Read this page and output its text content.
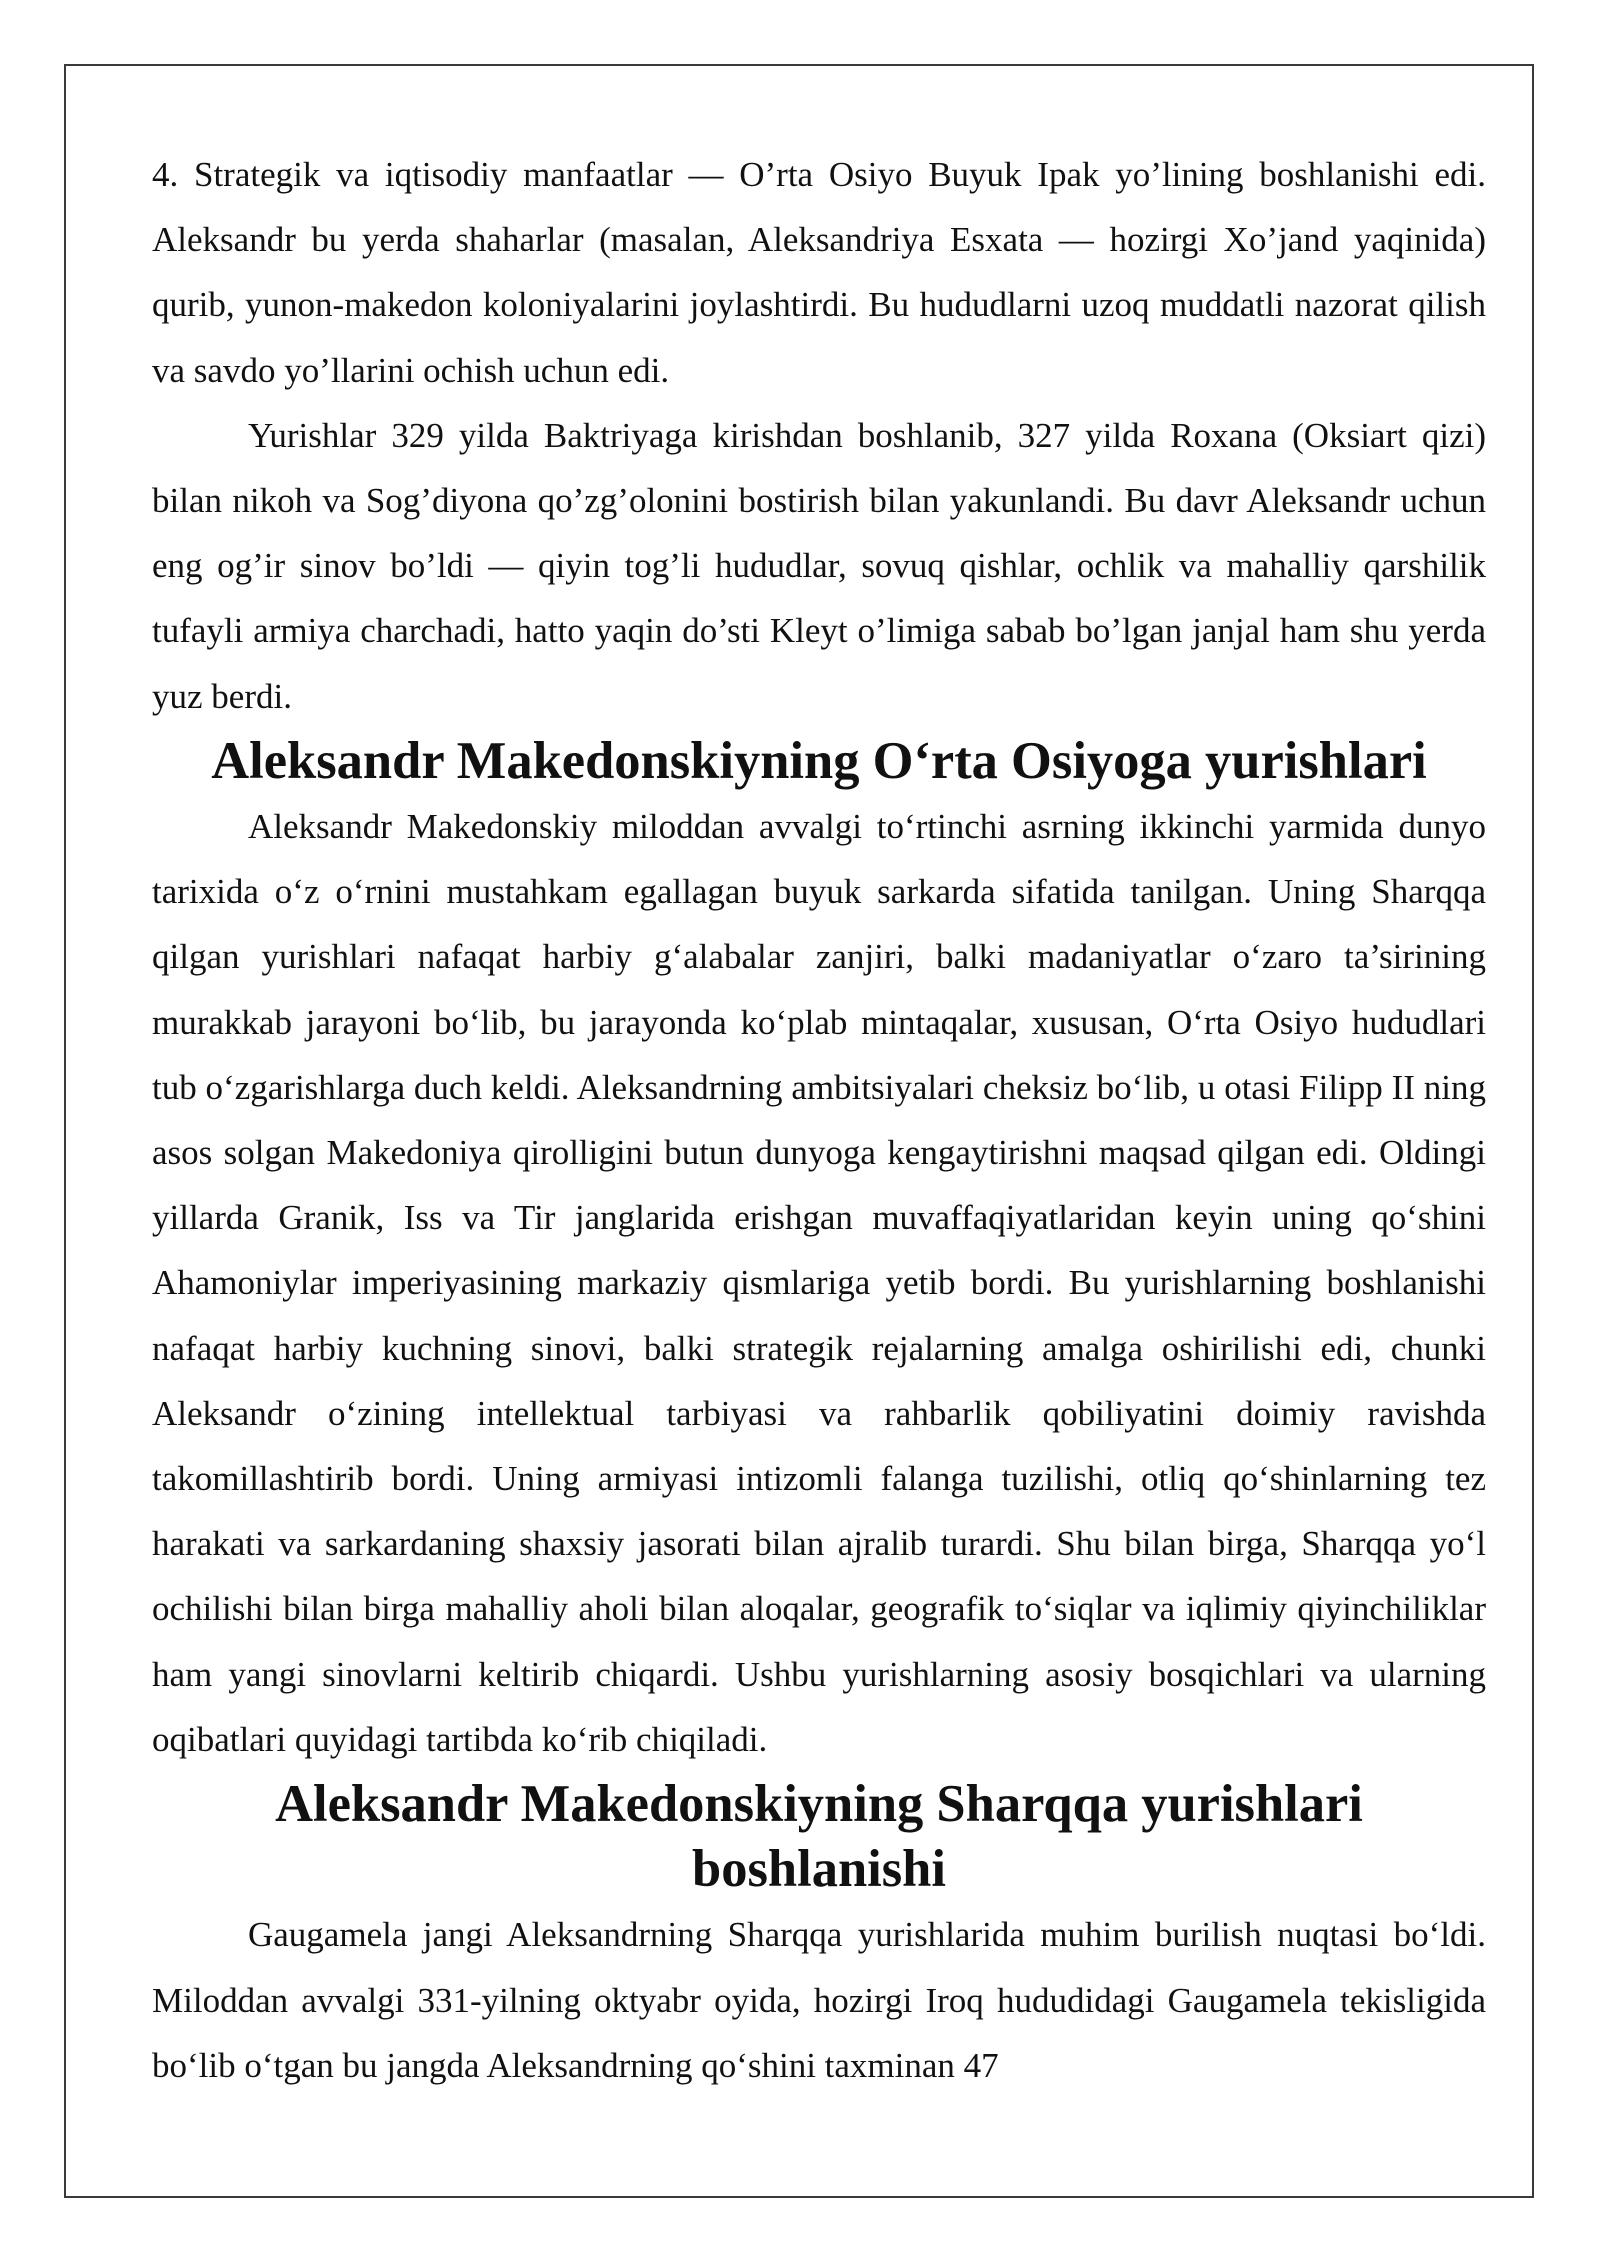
4. Strategik va iqtisodiy manfaatlar — O’rta Osiyo Buyuk Ipak yo’lining boshlanishi edi. Aleksandr bu yerda shaharlar (masalan, Aleksandriya Esxata — hozirgi Xo’jand yaqinida) qurib, yunon-makedon koloniyalarini joylashtirdi. Bu hududlarni uzoq muddatli nazorat qilish va savdo yo’llarini ochish uchun edi.

Yurishlar 329 yilda Baktriyaga kirishdan boshlanib, 327 yilda Roxana (Oksiart qizi) bilan nikoh va Sog’diyona qo’zg’olonini bostirish bilan yakunlandi. Bu davr Aleksandr uchun eng og’ir sinov bo’ldi — qiyin tog’li hududlar, sovuq qishlar, ochlik va mahalliy qarshilik tufayli armiya charchadi, hatto yaqin do’sti Kleyt o’limiga sabab bo’lgan janjal ham shu yerda yuz berdi.

Aleksandr Makedonskiyning O‘rta Osiyoga yurishlari

Aleksandr Makedonskiy miloddan avvalgi to‘rtinchi asrning ikkinchi yarmida dunyo tarixida o‘z o‘rnini mustahkam egallagan buyuk sarkarda sifatida tanilgan. Uning Sharqqa qilgan yurishlari nafaqat harbiy g‘alabalar zanjiri, balki madaniyatlar o‘zaro ta’sirining murakkab jarayoni bo‘lib, bu jarayonda ko‘plab mintaqalar, xususan, O‘rta Osiyo hududlari tub o‘zgarishlarga duch keldi. Aleksandrning ambitsiyalari cheksiz bo‘lib, u otasi Filipp II ning asos solgan Makedoniya qirolligini butun dunyoga kengaytirishni maqsad qilgan edi. Oldingi yillarda Granik, Iss va Tir janglarida erishgan muvaffaqiyatlaridan keyin uning qo‘shini Ahamoniylar imperiyasining markaziy qismlariga yetib bordi. Bu yurishlarning boshlanishi nafaqat harbiy kuchning sinovi, balki strategik rejalarning amalga oshirilishi edi, chunki Aleksandr o‘zining intellektual tarbiyasi va rahbarlik qobiliyatini doimiy ravishda takomillashtirib bordi. Uning armiyasi intizomli falanga tuzilishi, otliq qo‘shinlarning tez harakati va sarkardaning shaxsiy jasorati bilan ajralib turardi. Shu bilan birga, Sharqqa yo‘l ochilishi bilan birga mahalliy aholi bilan aloqalar, geografik to‘siqlar va iqlimiy qiyinchiliklar ham yangi sinovlarni keltirib chiqardi. Ushbu yurishlarning asosiy bosqichlari va ularning oqibatlari quyidagi tartibda ko‘rib chiqiladi.

Aleksandr Makedonskiyning Sharqqa yurishlari boshlanishi

Gaugamela jangi Aleksandrning Sharqqa yurishlarida muhim burilish nuqtasi bo‘ldi. Miloddan avvalgi 331-yilning oktyabr oyida, hozirgi Iroq hududidagi Gaugamela tekisligida bo‘lib o‘tgan bu jangda Aleksandrning qo‘shini taxminan 47
